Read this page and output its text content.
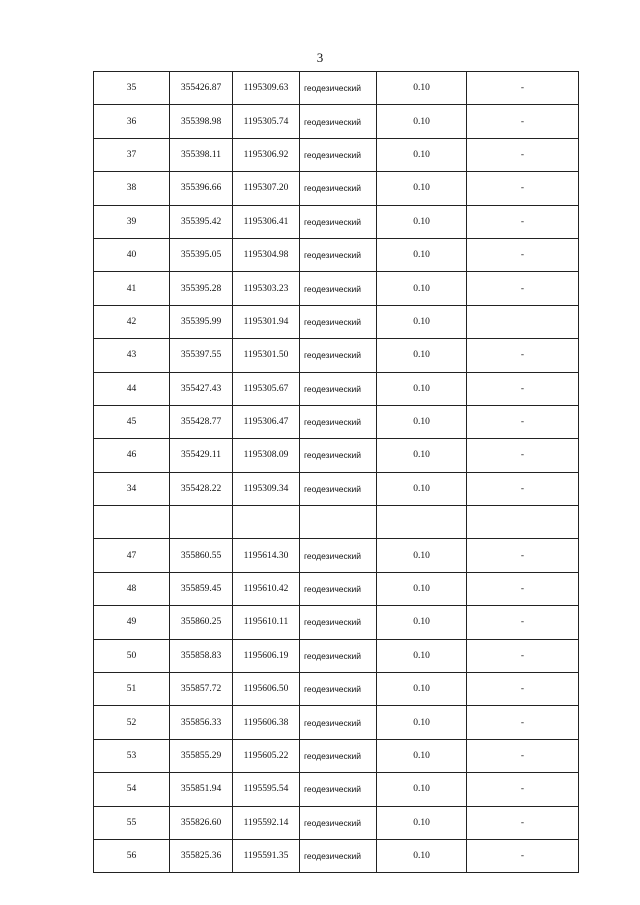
3
35	355426.87	1195309.63	геодезический	0.10	-
36	355398.98	1195305.74	геодезический	0.10	-
37	355398.11	1195306.92	геодезический	0.10	-
38	355396.66	1195307.20	геодезический	0.10	-
39	355395.42	1195306.41	геодезический	0.10	-
40	355395.05	1195304.98	геодезический	0.10	-
41	355395.28	1195303.23	геодезический	0.10	-
42	355395.99	1195301.94	геодезический	0.10	
43	355397.55	1195301.50	геодезический	0.10	-
44	355427.43	1195305.67	геодезический	0.10	-
45	355428.77	1195306.47	геодезический	0.10	-
46	355429.11	1195308.09	геодезический	0.10	-
34	355428.22	1195309.34	геодезический	0.10	-

47	355860.55	1195614.30	геодезический	0.10	-
48	355859.45	1195610.42	геодезический	0.10	-
49	355860.25	1195610.11	геодезический	0.10	-
50	355858.83	1195606.19	геодезический	0.10	-
51	355857.72	1195606.50	геодезический	0.10	-
52	355856.33	1195606.38	геодезический	0.10	-
53	355855.29	1195605.22	геодезический	0.10	-
54	355851.94	1195595.54	геодезический	0.10	-
55	355826.60	1195592.14	геодезический	0.10	-
56	355825.36	1195591.35	геодезический	0.10	-
